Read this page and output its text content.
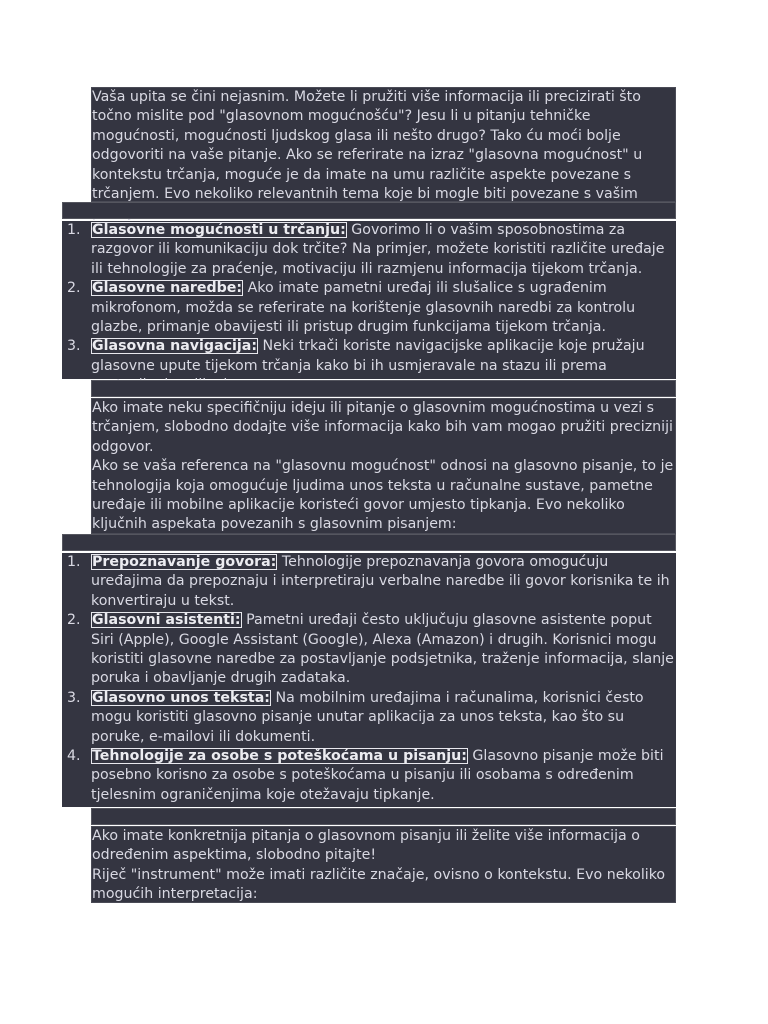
Vaša upita se čini nejasnim. Možete li pružiti više informacija ili precizirati što točno mislite pod "glasovnom mogućnošću"? Jesu li u pitanju tehničke mogućnosti, mogućnosti ljudskog glasa ili nešto drugo? Tako ću moći bolje odgovoriti na vaše pitanje. Ako se referirate na izraz "glasovna mogućnost" u kontekstu trčanja, moguće je da imate na umu različite aspekte povezane s trčanjem. Evo nekoliko relevantnih tema koje bi mogle biti povezane s vašim

1. Glasovne mogućnosti u trčanju: Govorimo li o vašim sposobnostima za razgovor ili komunikaciju dok trčite? Na primjer, možete koristiti različite uređaje ili tehnologije za praćenje, motivaciju ili razmjenu informacija tijekom trčanja.
2. Glasovne naredbe: Ako imate pametni uređaj ili slušalice s ugrađenim mikrofonom, možda se referirate na korištenje glasovnih naredbi za kontrolu glazbe, primanje obavijesti ili pristup drugim funkcijama tijekom trčanja.
3. Glasovna navigacija: Neki trkači koriste navigacijske aplikacije koje pružaju glasovne upute tijekom trčanja kako bi ih usmjeravale na stazu ili prema

Ako imate neku specifičniju ideju ili pitanje o glasovnim mogućnostima u vezi s trčanjem, slobodno dodajte više informacija kako bih vam mogao pružiti precizniji odgovor.

Ako se vaša referenca na "glasovnu mogućnost" odnosi na glasovno pisanje, to je tehnologija koja omogućuje ljudima unos teksta u računalne sustave, pametne uređaje ili mobilne aplikacije koristeći govor umjesto tipkanja. Evo nekoliko ključnih aspekata povezanih s glasovnim pisanjem:

1. Prepoznavanje govora: Tehnologije prepoznavanja govora omogućuju uređajima da prepoznaju i interpretiraju verbalne naredbe ili govor korisnika te ih konvertiraju u tekst.
2. Glasovni asistenti: Pametni uređaji često uključuju glasovne asistente poput Siri (Apple), Google Assistant (Google), Alexa (Amazon) i drugih. Korisnici mogu koristiti glasovne naredbe za postavljanje podsjetnika, traženje informacija, slanje poruka i obavljanje drugih zadataka.
3. Glasovno unos teksta: Na mobilnim uređajima i računalima, korisnici često mogu koristiti glasovno pisanje unutar aplikacija za unos teksta, kao što su poruke, e-mailovi ili dokumenti.
4. Tehnologije za osobe s poteškoćama u pisanju: Glasovno pisanje može biti posebno korisno za osobe s poteškoćama u pisanju ili osobama s određenim tjelesnim ograničenjima koje otežavaju tipkanje.

Ako imate konkretnija pitanja o glasovnom pisanju ili želite više informacija o određenim aspektima, slobodno pitajte!

Riječ "instrument" može imati različite značaje, ovisno o kontekstu. Evo nekoliko mogućih interpretacija:
